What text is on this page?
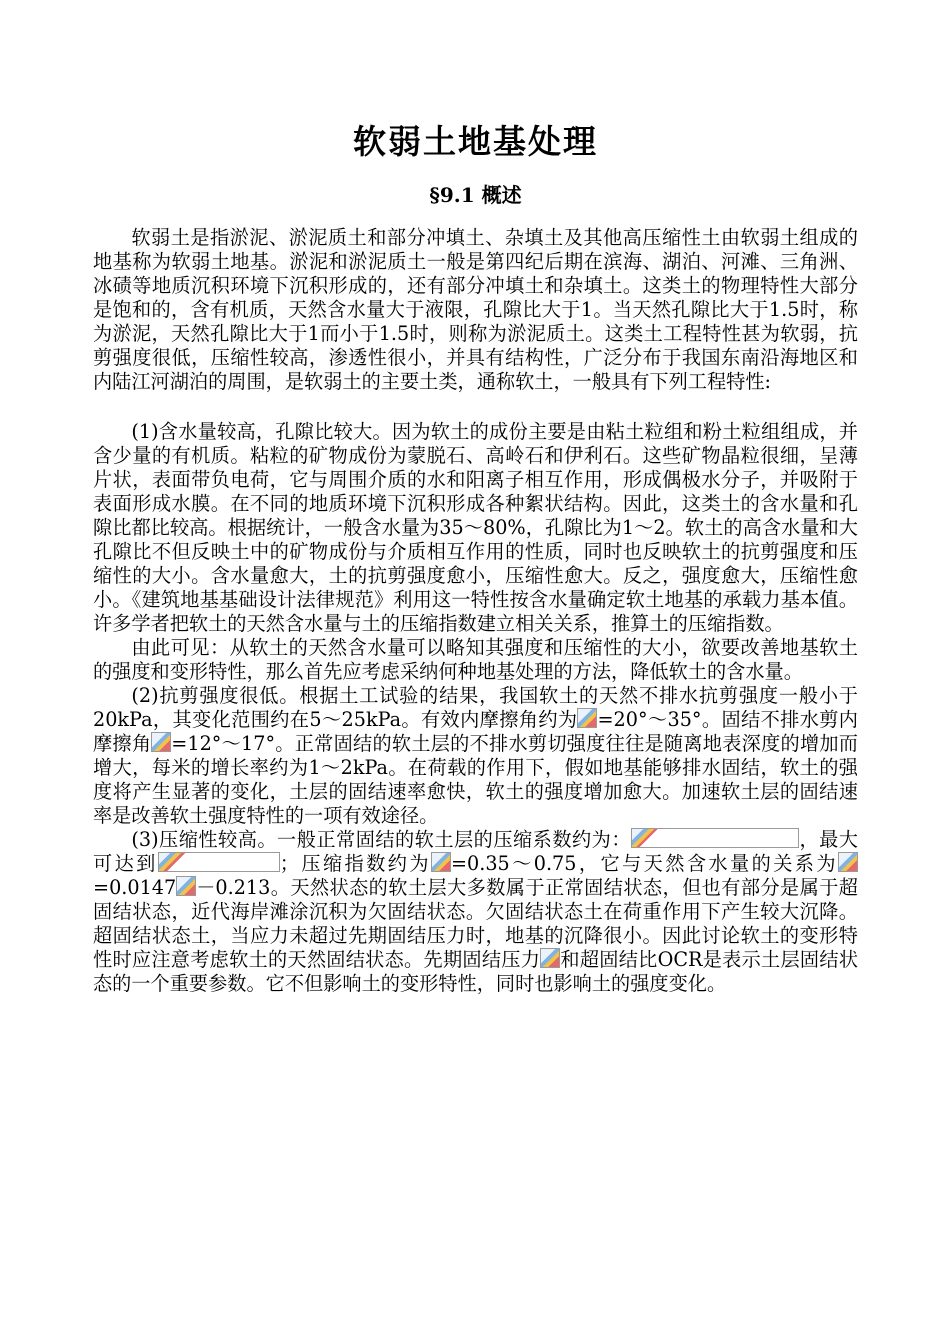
软弱土地基处理
§9.1 概述

软弱土是指淤泥、淤泥质土和部分冲填土、杂填土及其他高压缩性土由软弱土组成的地基称为软弱土地基。淤泥和淤泥质土一般是第四纪后期在滨海、湖泊、河滩、三角洲、冰碛等地质沉积环境下沉积形成的，还有部分冲填土和杂填土。这类土的物理特性大部分是饱和的，含有机质，天然含水量大于液限，孔隙比大于1。当天然孔隙比大于1.5时，称为淤泥，天然孔隙比大于1而小于1.5时，则称为淤泥质土。这类土工程特性甚为软弱，抗剪强度很低，压缩性较高，渗透性很小，并具有结构性，广泛分布于我国东南沿海地区和内陆江河湖泊的周围，是软弱土的主要土类，通称软土，一般具有下列工程特性:

(1)含水量较高，孔隙比较大。因为软土的成份主要是由粘土粒组和粉土粒组组成，并含少量的有机质。粘粒的矿物成份为蒙脱石、高岭石和伊利石。这些矿物晶粒很细，呈薄片状，表面带负电荷，它与周围介质的水和阳离子相互作用，形成偶极水分子，并吸附于表面形成水膜。在不同的地质环境下沉积形成各种絮状结构。因此，这类土的含水量和孔隙比都比较高。根据统计，一般含水量为35～80%，孔隙比为1～2。软土的高含水量和大孔隙比不但反映土中的矿物成份与介质相互作用的性质，同时也反映软土的抗剪强度和压缩性的大小。含水量愈大，土的抗剪强度愈小，压缩性愈大。反之，强度愈大，压缩性愈小。《建筑地基基础设计法律规范》利用这一特性按含水量确定软土地基的承载力基本值。许多学者把软土的天然含水量与土的压缩指数建立相关关系，推算土的压缩指数。

由此可见：从软土的天然含水量可以略知其强度和压缩性的大小，欲要改善地基软土的强度和变形特性，那么首先应考虑采纳何种地基处理的方法，降低软土的含水量。

(2)抗剪强度很低。根据土工试验的结果，我国软土的天然不排水抗剪强度一般小于20kPa，其变化范围约在5～25kPa。有效内摩擦角约为 =20°～35°。固结不排水剪内摩擦角 =12°～17°。正常固结的软土层的不排水剪切强度往往是随离地表深度的增加而增大，每米的增长率约为1～2kPa。在荷载的作用下，假如地基能够排水固结，软土的强度将产生显著的变化，土层的固结速率愈快，软土的强度增加愈大。加速软土层的固结速率是改善软土强度特性的一项有效途径。

(3)压缩性较高。一般正常固结的软土层的压缩系数约为：	，最大可达到	；压缩指数约为 =0.35～0.75，它与天然含水量的关系为=0.0147 －0.213。天然状态的软土层大多数属于正常固结状态，但也有部分是属于超固结状态，近代海岸滩涂沉积为欠固结状态。欠固结状态土在荷重作用下产生较大沉降。超固结状态土，当应力未超过先期固结压力时，地基的沉降很小。因此讨论软土的变形特性时应注意考虑软土的天然固结状态。先期固结压力 和超固结比OCR是表示土层固结状态的一个重要参数。它不但影响土的变形特性，同时也影响土的强度变化。
